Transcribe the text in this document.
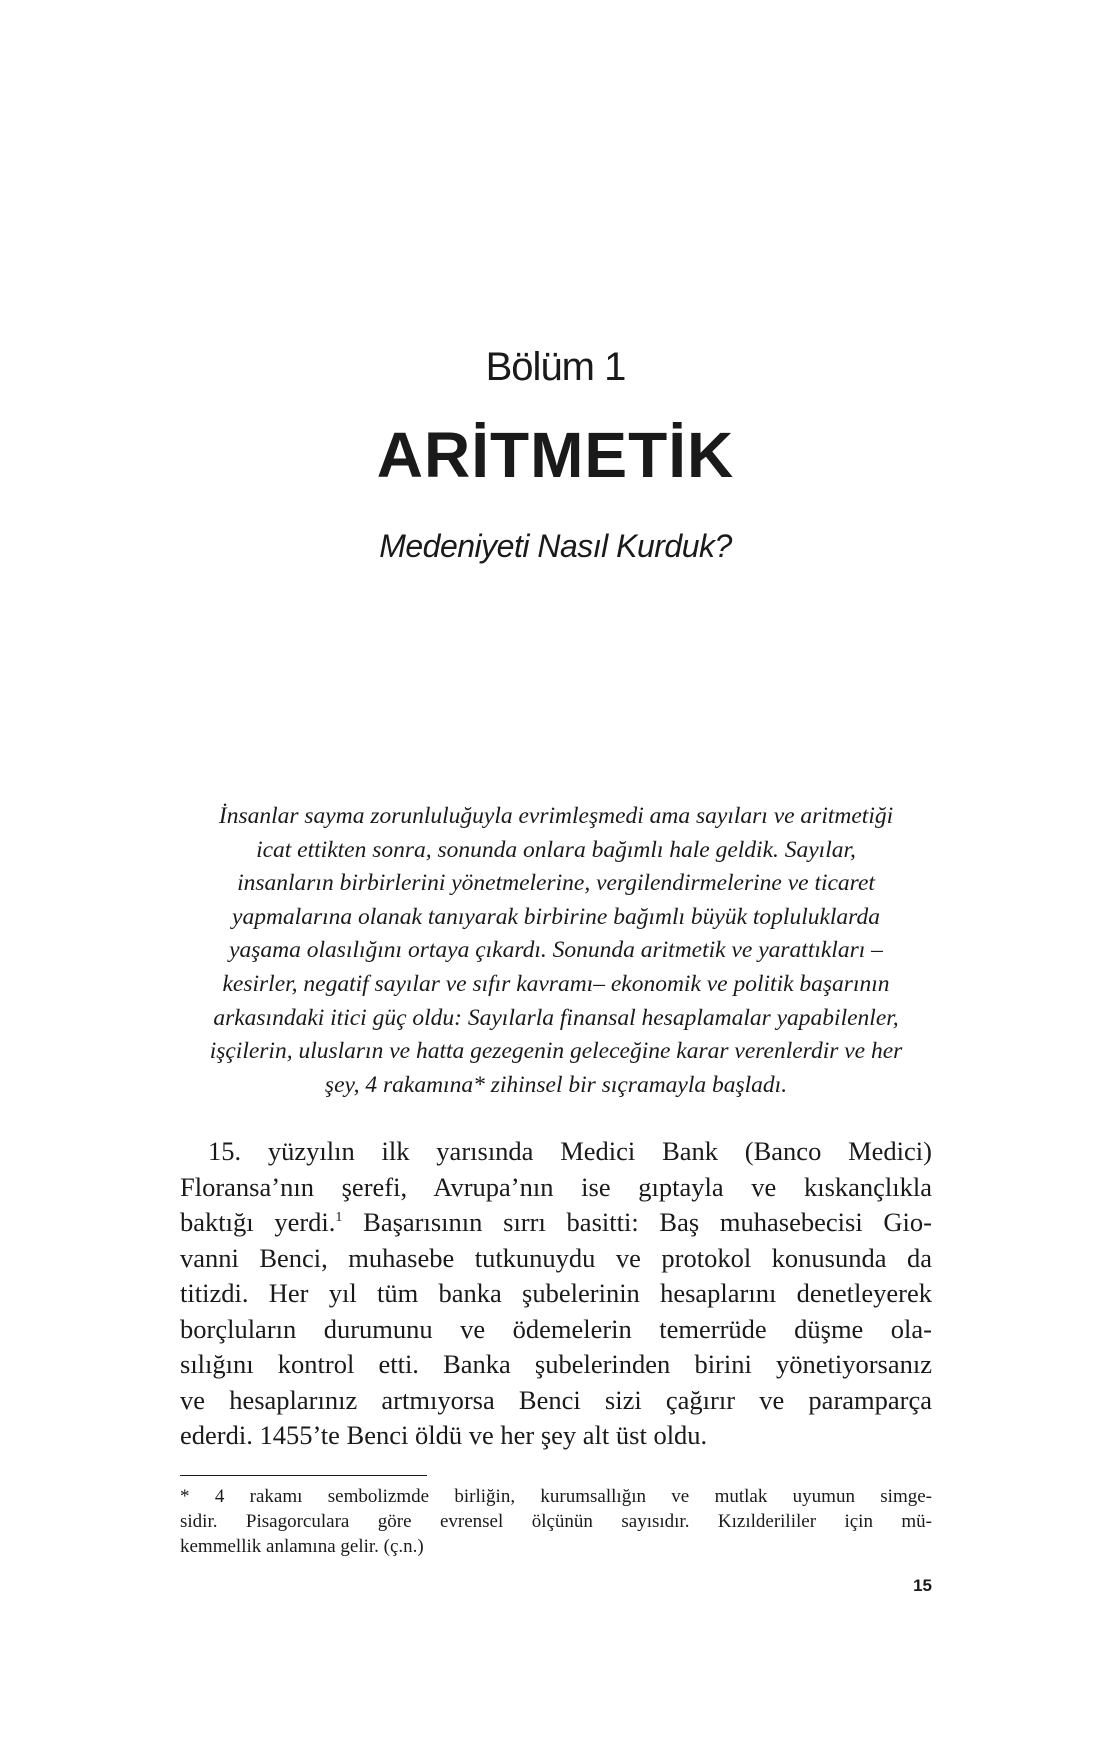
Bölüm 1
ARİTMETİK
Medeniyeti Nasıl Kurduk?
İnsanlar sayma zorunluluğuyla evrimleşmedi ama sayıları ve aritmetiği
icat ettikten sonra, sonunda onlara bağımlı hale geldik. Sayılar,
insanların birbirlerini yönetmelerine, vergilendirmelerine ve ticaret
yapmalarına olanak tanıyarak birbirine bağımlı büyük topluluklarda
yaşama olasılığını ortaya çıkardı. Sonunda aritmetik ve yarattıkları –
kesirler, negatif sayılar ve sıfır kavramı– ekonomik ve politik başarının
arkasındaki itici güç oldu: Sayılarla finansal hesaplamalar yapabilenler,
işçilerin, ulusların ve hatta gezegenin geleceğine karar verenlerdir ve her
şey, 4 rakamına* zihinsel bir sıçramayla başladı.
15. yüzyılın ilk yarısında Medici Bank (Banco Medici)
Floransa’nın şerefi, Avrupa’nın ise gıptayla ve kıskançlıkla
baktığı yerdi.$^1$ Başarısının sırrı basitti: Baş muhasebecisi Gio-
vanni Benci, muhasebe tutkunuydu ve protokol konusunda da
titizdi. Her yıl tüm banka şubelerinin hesaplarını denetleyerek
borçluların durumunu ve ödemelerin temerrüde düşme ola-
sılığını kontrol etti. Banka şubelerinden birini yönetiyorsanız
ve hesaplarınız artmıyorsa Benci sizi çağırır ve paramparça
ederdi. 1455’te Benci öldü ve her şey alt üst oldu.
* 4 rakamı sembolizmde birliğin, kurumsallığın ve mutlak uyumun simge-
sidir. Pisagorculara göre evrensel ölçünün sayısıdır. Kızılderililer için mü-
kemmellik anlamına gelir. (ç.n.)
15
